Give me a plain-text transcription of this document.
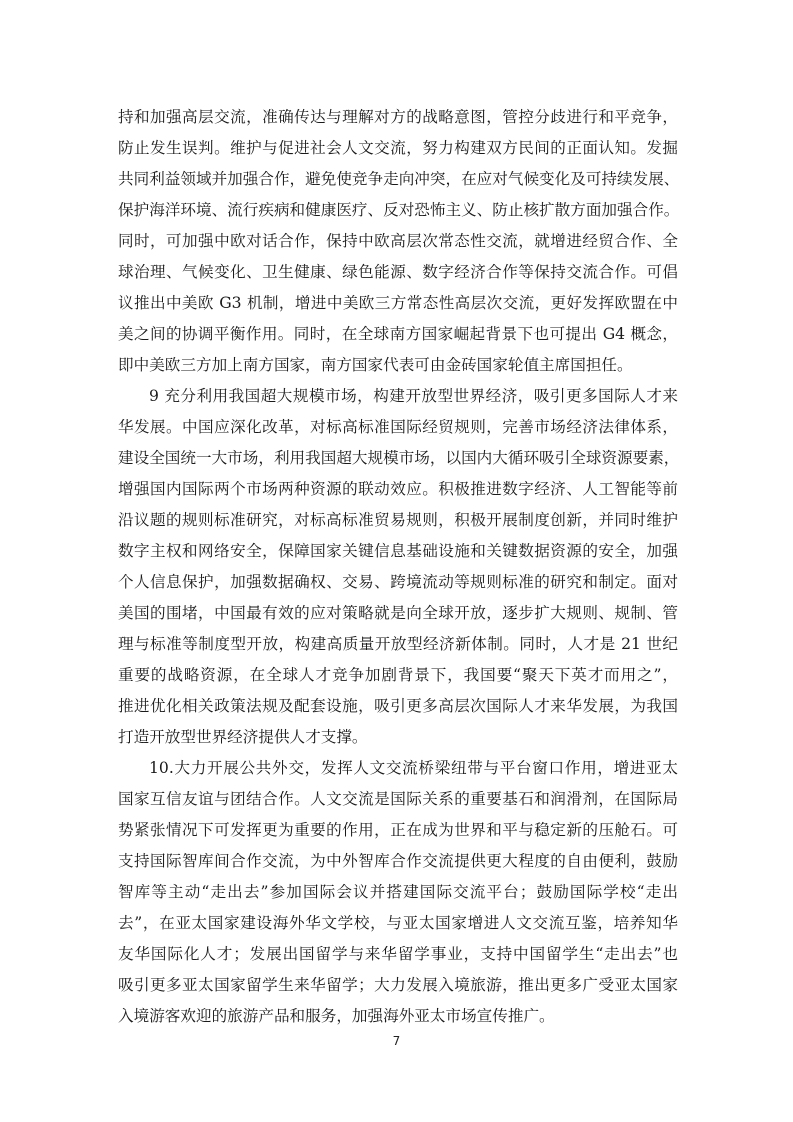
持和加强高层交流，准确传达与理解对方的战略意图，管控分歧进行和平竞争，
防止发生误判。维护与促进社会人文交流，努力构建双方民间的正面认知。发掘
共同利益领域并加强合作，避免使竞争走向冲突，在应对气候变化及可持续发展、
保护海洋环境、流行疾病和健康医疗、反对恐怖主义、防止核扩散方面加强合作。
同时，可加强中欧对话合作，保持中欧高层次常态性交流，就增进经贸合作、全
球治理、气候变化、卫生健康、绿色能源、数字经济合作等保持交流合作。可倡
议推出中美欧 G3 机制，增进中美欧三方常态性高层次交流，更好发挥欧盟在中
美之间的协调平衡作用。同时，在全球南方国家崛起背景下也可提出 G4 概念，
即中美欧三方加上南方国家，南方国家代表可由金砖国家轮值主席国担任。
9 充分利用我国超大规模市场，构建开放型世界经济，吸引更多国际人才来
华发展。中国应深化改革，对标高标准国际经贸规则，完善市场经济法律体系，
建设全国统一大市场，利用我国超大规模市场，以国内大循环吸引全球资源要素，
增强国内国际两个市场两种资源的联动效应。积极推进数字经济、人工智能等前
沿议题的规则标准研究，对标高标准贸易规则，积极开展制度创新，并同时维护
数字主权和网络安全，保障国家关键信息基础设施和关键数据资源的安全，加强
个人信息保护，加强数据确权、交易、跨境流动等规则标准的研究和制定。面对
美国的围堵，中国最有效的应对策略就是向全球开放，逐步扩大规则、规制、管
理与标准等制度型开放，构建高质量开放型经济新体制。同时，人才是 21 世纪
重要的战略资源，在全球人才竞争加剧背景下，我国要“聚天下英才而用之”，
推进优化相关政策法规及配套设施，吸引更多高层次国际人才来华发展，为我国
打造开放型世界经济提供人才支撑。
10.大力开展公共外交，发挥人文交流桥梁纽带与平台窗口作用，增进亚太
国家互信友谊与团结合作。人文交流是国际关系的重要基石和润滑剂，在国际局
势紧张情况下可发挥更为重要的作用，正在成为世界和平与稳定新的压舱石。可
支持国际智库间合作交流，为中外智库合作交流提供更大程度的自由便利，鼓励
智库等主动“走出去”参加国际会议并搭建国际交流平台；鼓励国际学校“走出
去”，在亚太国家建设海外华文学校，与亚太国家增进人文交流互鉴，培养知华
友华国际化人才；发展出国留学与来华留学事业，支持中国留学生“走出去”也
吸引更多亚太国家留学生来华留学；大力发展入境旅游，推出更多广受亚太国家
入境游客欢迎的旅游产品和服务，加强海外亚太市场宣传推广。
7
